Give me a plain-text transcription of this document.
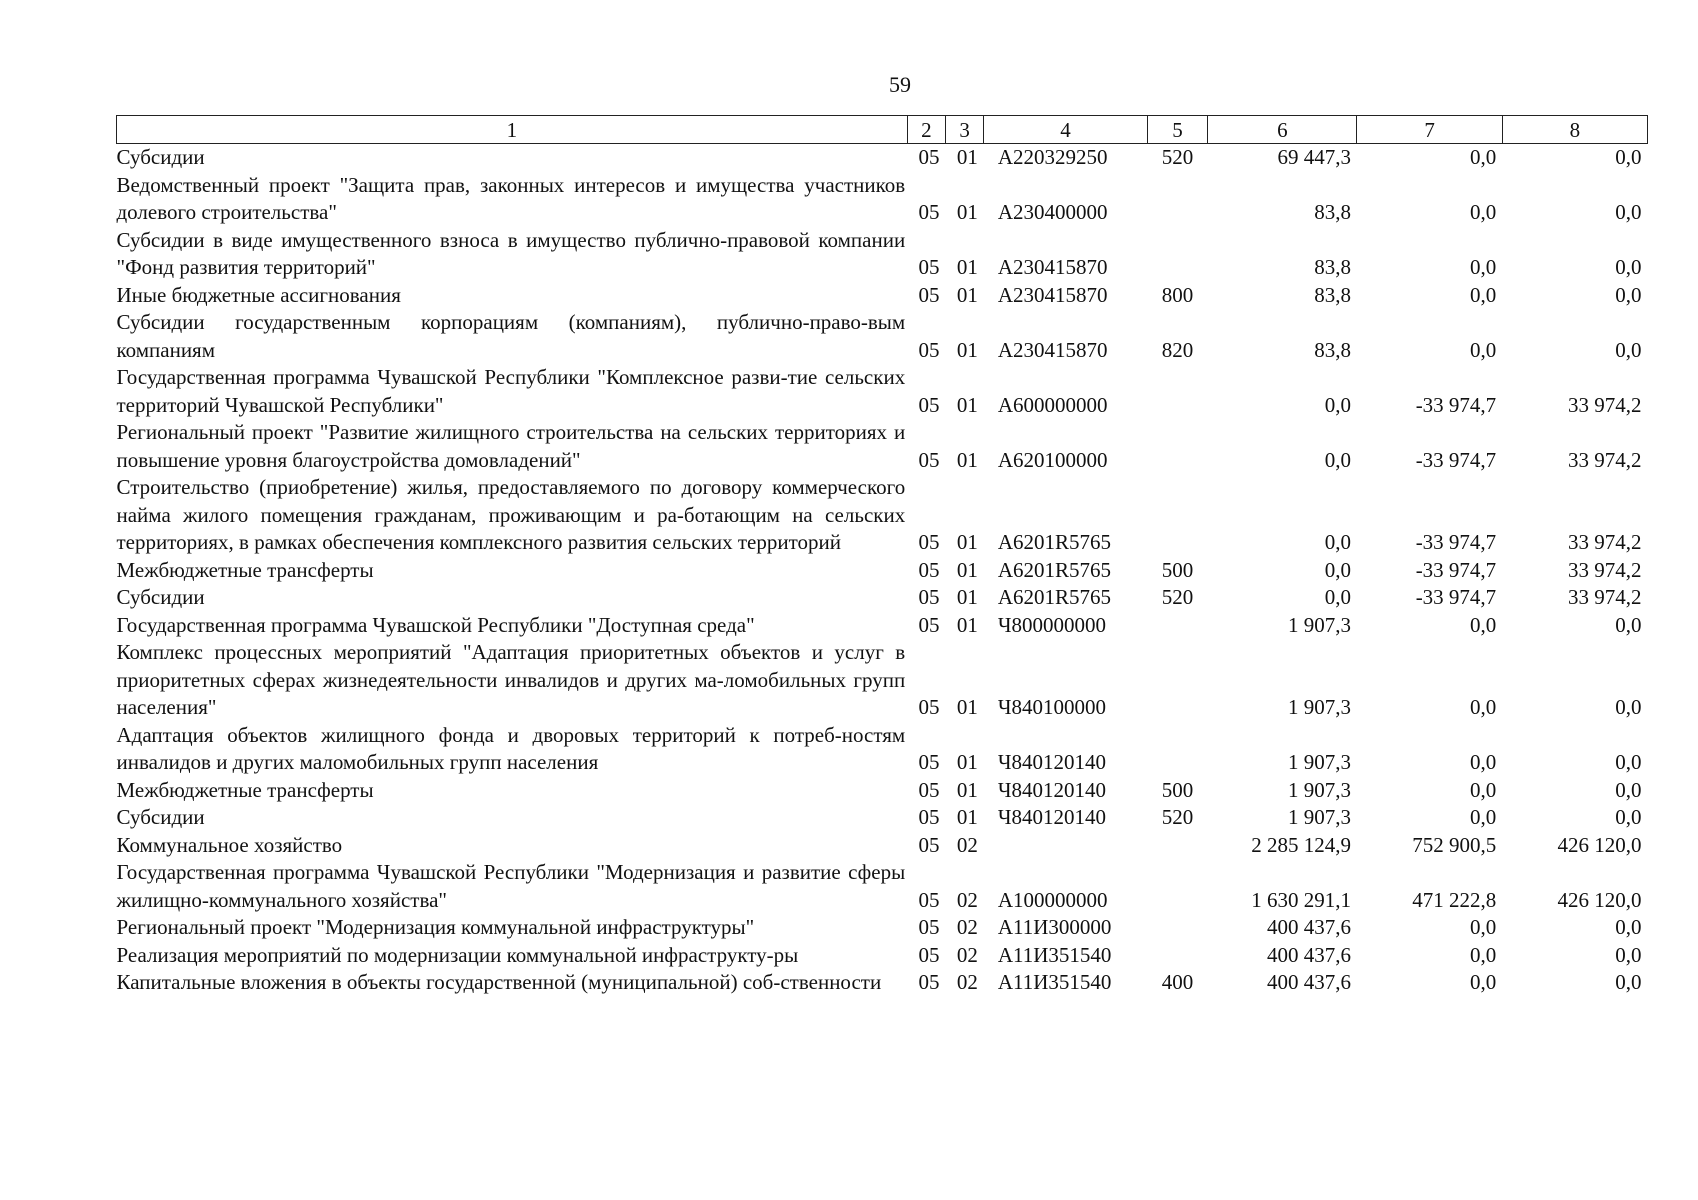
59
1	2	3	4	5	6	7	8
Субсидии	05	01	А220329250	520	69 447,3	0,0	0,0
Ведомственный проект "Защита прав, законных интересов и имущества участников долевого строительства"	05	01	А230400000		83,8	0,0	0,0
Субсидии в виде имущественного взноса в имущество публично-правовой компании "Фонд развития территорий"	05	01	А230415870		83,8	0,0	0,0
Иные бюджетные ассигнования	05	01	А230415870	800	83,8	0,0	0,0
Субсидии государственным корпорациям (компаниям), публично-право-вым компаниям	05	01	А230415870	820	83,8	0,0	0,0
Государственная программа Чувашской Республики "Комплексное разви-тие сельских территорий Чувашской Республики"	05	01	А600000000		0,0	-33 974,7	33 974,2
Региональный проект "Развитие жилищного строительства на сельских территориях и повышение уровня благоустройства домовладений"	05	01	А620100000		0,0	-33 974,7	33 974,2
Строительство (приобретение) жилья, предоставляемого по договору коммерческого найма жилого помещения гражданам, проживающим и ра-ботающим на сельских территориях, в рамках обеспечения комплексного развития сельских территорий	05	01	А6201R5765		0,0	-33 974,7	33 974,2
Межбюджетные трансферты	05	01	А6201R5765	500	0,0	-33 974,7	33 974,2
Субсидии	05	01	А6201R5765	520	0,0	-33 974,7	33 974,2
Государственная программа Чувашской Республики "Доступная среда"	05	01	Ч800000000		1 907,3	0,0	0,0
Комплекс процессных мероприятий "Адаптация приоритетных объектов и услуг в приоритетных сферах жизнедеятельности инвалидов и других ма-ломобильных групп населения"	05	01	Ч840100000		1 907,3	0,0	0,0
Адаптация объектов жилищного фонда и дворовых территорий к потреб-ностям инвалидов и других маломобильных групп населения	05	01	Ч840120140		1 907,3	0,0	0,0
Межбюджетные трансферты	05	01	Ч840120140	500	1 907,3	0,0	0,0
Субсидии	05	01	Ч840120140	520	1 907,3	0,0	0,0
Коммунальное хозяйство	05	02			2 285 124,9	752 900,5	426 120,0
Государственная программа Чувашской Республики "Модернизация и развитие сферы жилищно-коммунального хозяйства"	05	02	А100000000		1 630 291,1	471 222,8	426 120,0
Региональный проект "Модернизация коммунальной инфраструктуры"	05	02	А11И300000		400 437,6	0,0	0,0
Реализация мероприятий по модернизации коммунальной инфраструкту-ры	05	02	А11И351540		400 437,6	0,0	0,0
Капитальные вложения в объекты государственной (муниципальной) соб-ственности	05	02	А11И351540	400	400 437,6	0,0	0,0
